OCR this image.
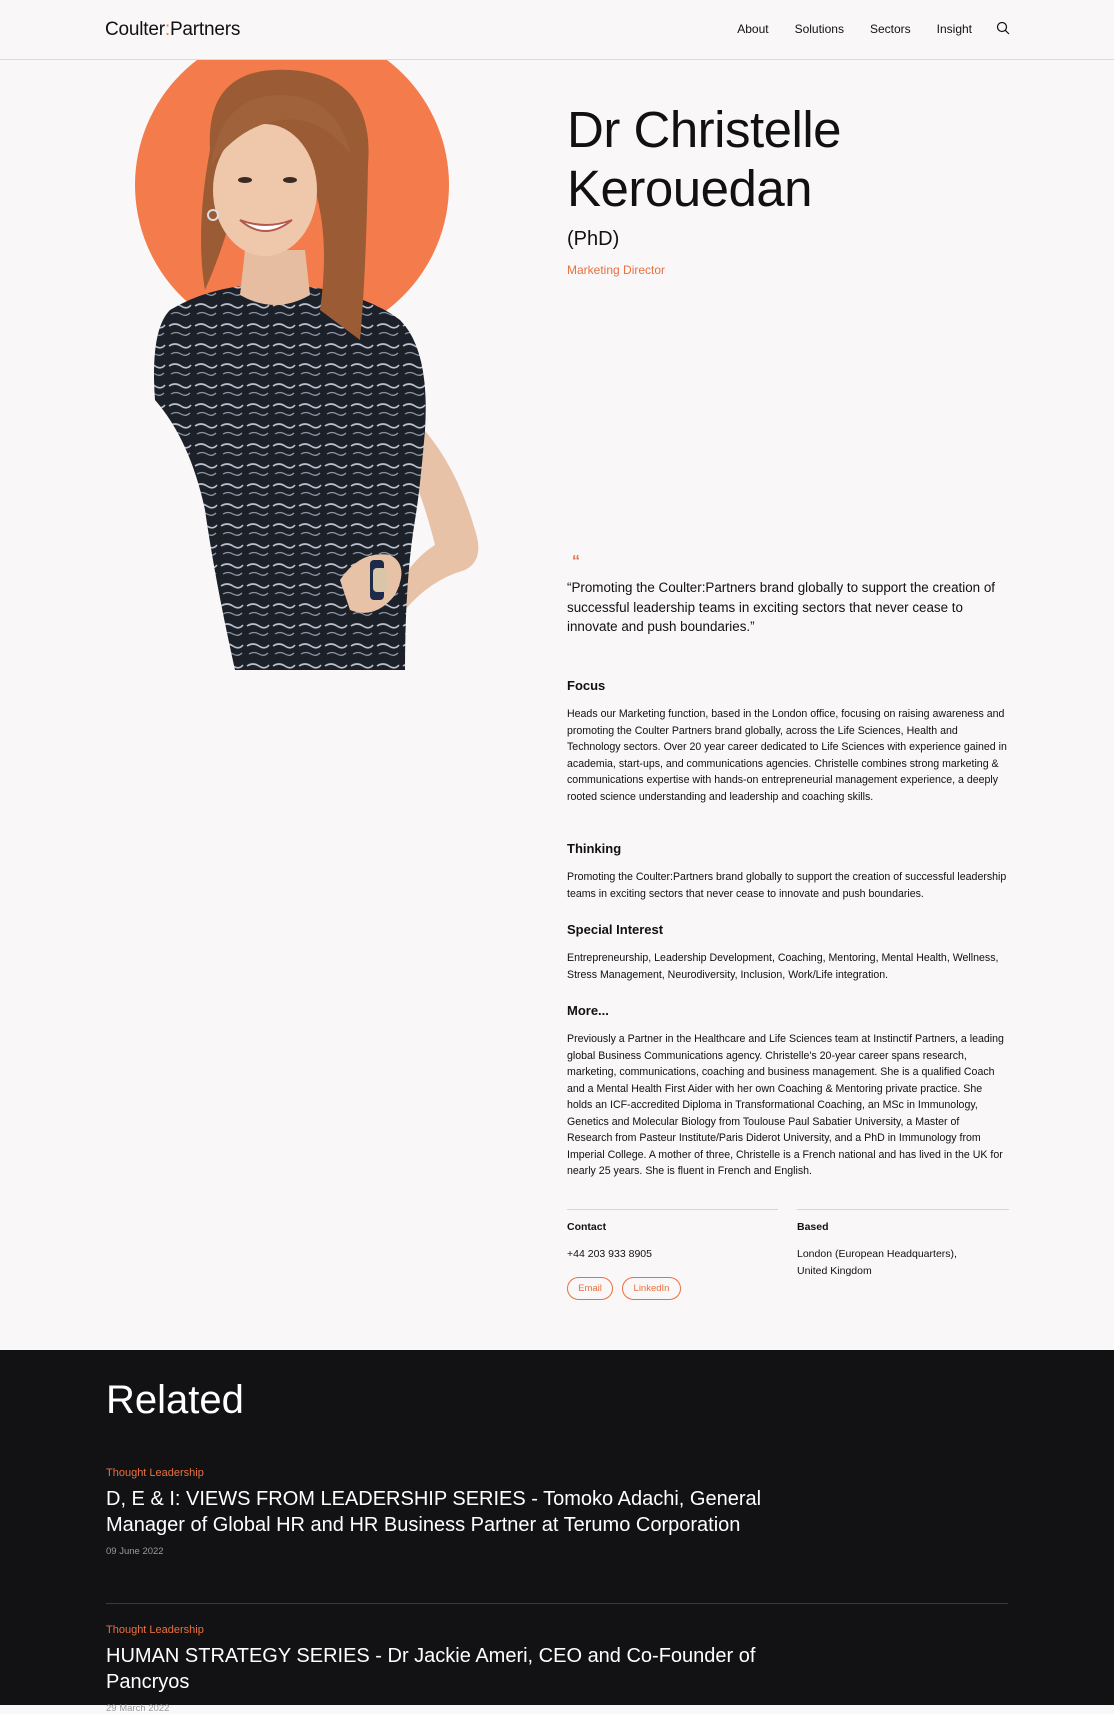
Coulter:Partners	About Solutions Sectors Insight
Dr Christelle Kerouedan
(PhD)
Marketing Director
“

“Promoting the Coulter:Partners brand globally to support the creation of successful leadership teams in exciting sectors that never cease to innovate and push boundaries.”

Focus

Heads our Marketing function, based in the London office, focusing on raising awareness and promoting the Coulter Partners brand globally, across the Life Sciences, Health and Technology sectors. Over 20 year career dedicated to Life Sciences with experience gained in academia, start-ups, and communications agencies. Christelle combines strong marketing & communications expertise with hands-on entrepreneurial management experience, a deeply rooted science understanding and leadership and coaching skills.

Thinking

Promoting the Coulter:Partners brand globally to support the creation of successful leadership teams in exciting sectors that never cease to innovate and push boundaries.

Special Interest

Entrepreneurship, Leadership Development, Coaching, Mentoring, Mental Health, Wellness, Stress Management, Neurodiversity, Inclusion, Work/Life integration.

More...

Previously a Partner in the Healthcare and Life Sciences team at Instinctif Partners, a leading global Business Communications agency. Christelle's 20-year career spans research, marketing, communications, coaching and business management. She is a qualified Coach and a Mental Health First Aider with her own Coaching & Mentoring private practice. She holds an ICF-accredited Diploma in Transformational Coaching, an MSc in Immunology, Genetics and Molecular Biology from Toulouse Paul Sabatier University, a Master of Research from Pasteur Institute/Paris Diderot University, and a PhD in Immunology from Imperial College. A mother of three, Christelle is a French national and has lived in the UK for nearly 25 years. She is fluent in French and English.

Contact
+44 203 933 8905
Email	LinkedIn
Based
London (European Headquarters), United Kingdom
Related
Thought Leadership
D, E & I: VIEWS FROM LEADERSHIP SERIES - Tomoko Adachi, General Manager of Global HR and HR Business Partner at Terumo Corporation
09 June 2022
Thought Leadership
HUMAN STRATEGY SERIES - Dr Jackie Ameri, CEO and Co-Founder of Pancryos
29 March 2022
